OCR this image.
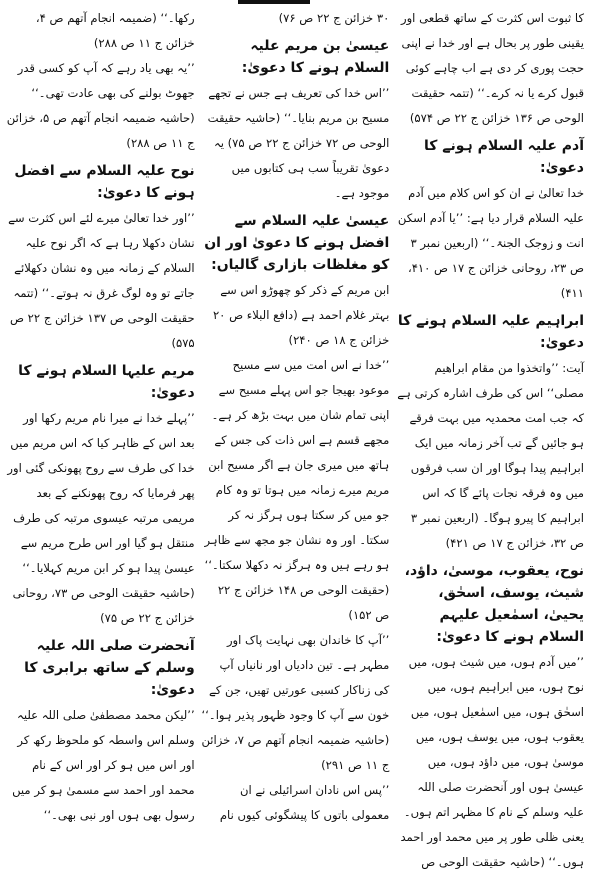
کا ثبوت اس کثرت کے ساتھ قطعی اور یقینی طور پر بحال ہے اور خدا نے اپنی حجت پوری کر دی ہے اب چاہے کوئی قبول کرے یا نہ کرے۔‘‘ (تتمہ حقیقت الوحی ص ۱۳۶ خزائن ج ۲۲ ص ۵۷۴)

آدم علیہ السلام ہونے کا دعویٰ:

خدا تعالیٰ نے ان کو اس کلام میں آدم علیہ السلام قرار دیا ہے: ’’یا آدم اسکن انت و زوجک الجنۃ۔‘‘ (اربعین نمبر ۳ ص ۲۳، روحانی خزائن ج ۱۷ ص ۴۱۰، ۴۱۱)

ابراہیم علیہ السلام ہونے کا دعویٰ:

آیت: ’’واتخذوا من مقام ابراھیم مصلی‘‘ اس کی طرف اشارہ کرتی ہے کہ جب امت محمدیہ میں بہت فرقے ہو جائیں گے تب آخر زمانہ میں ایک ابراہیم پیدا ہوگا اور ان سب فرقوں میں وہ فرقہ نجات پائے گا کہ اس ابراہیم کا پیرو ہوگا۔ (اربعین نمبر ۳ ص ۳۲، خزائن ج ۱۷ ص ۴۲۱)

نوح، یعقوب، موسیٰ، داؤد، شیث، یوسف، اسحٰق، یحییٰ، اسمٰعیل علیہم السلام ہونے کا دعویٰ:

’’میں آدم ہوں، میں شیث ہوں، میں نوح ہوں، میں ابراہیم ہوں، میں اسحٰق ہوں، میں اسمٰعیل ہوں، میں یعقوب ہوں، میں یوسف ہوں، میں موسیٰ ہوں، میں داؤد ہوں، میں عیسیٰ ہوں اور آنحضرت صلی اللہ علیہ وسلم کے نام کا مظہر اتم ہوں۔ یعنی ظلی طور پر میں محمد اور احمد ہوں۔‘‘ (حاشیہ حقیقت الوحی ص

۳۰ خزائن ج ۲۲ ص ۷۶)

عیسیٰ بن مریم علیہ السلام ہونے کا دعویٰ:

’’اس خدا کی تعریف ہے جس نے تجھے مسیح بن مریم بنایا۔‘‘ (حاشیہ حقیقت الوحی ص ۷۲ خزائن ج ۲۲ ص ۷۵) یہ دعویٰ تقریباً سب ہی کتابوں میں موجود ہے۔

عیسیٰ علیہ السلام سے افضل ہونے کا دعویٰ اور ان کو مغلظات بازاری گالیاں:

ابن مریم کے ذکر کو چھوڑو اس سے بہتر غلام احمد ہے (دافع البلاء ص ۲۰ خزائن ج ۱۸ ص ۲۴۰)

’’خدا نے اس امت میں سے مسیح موعود بھیجا جو اس پہلے مسیح سے اپنی تمام شان میں بہت بڑھ کر ہے۔ مجھے قسم ہے اس ذات کی جس کے ہاتھ میں میری جان ہے اگر مسیح ابن مریم میرے زمانہ میں ہوتا تو وہ کام جو میں کر سکتا ہوں ہرگز نہ کر سکتا۔ اور وہ نشان جو مجھ سے ظاہر ہو رہے ہیں وہ ہرگز نہ دکھلا سکتا۔‘‘ (حقیقت الوحی ص ۱۴۸ خزائن ج ۲۲ ص ۱۵۲)

’’آپ کا خاندان بھی نہایت پاک اور مطہر ہے۔ تین دادیاں اور نانیاں آپ کی زناکار کسبی عورتیں تھیں، جن کے خون سے آپ کا وجود ظہور پذیر ہوا۔‘‘ (حاشیہ ضمیمہ انجام آتھم ص ۷، خزائن ج ۱۱ ص ۲۹۱)

’’پس اس نادان اسرائیلی نے ان معمولی باتوں کا پیشگوئی کیوں نام

رکھا۔‘‘ (ضمیمہ انجام آتھم ص ۴، خزائن ج ۱۱ ص ۲۸۸)

’’یہ بھی یاد رہے کہ آپ کو کسی قدر جھوٹ بولنے کی بھی عادت تھی۔‘‘ (حاشیہ ضمیمہ انجام آتھم ص ۵، خزائن ج ۱۱ ص ۲۸۸)

نوح علیہ السلام سے افضل ہونے کا دعویٰ:

’’اور خدا تعالیٰ میرے لئے اس کثرت سے نشان دکھلا رہا ہے کہ اگر نوح علیہ السلام کے زمانہ میں وہ نشان دکھلائے جاتے تو وہ لوگ غرق نہ ہوتے۔‘‘ (تتمہ حقیقت الوحی ص ۱۳۷ خزائن ج ۲۲ ص ۵۷۵)

مریم علیہا السلام ہونے کا دعویٰ:

’’پہلے خدا نے میرا نام مریم رکھا اور بعد اس کے ظاہر کیا کہ اس مریم میں خدا کی طرف سے روح پھونکی گئی اور پھر فرمایا کہ روح پھونکنے کے بعد مریمی مرتبہ عیسوی مرتبہ کی طرف منتقل ہو گیا اور اس طرح مریم سے عیسیٰ پیدا ہو کر ابن مریم کہلایا۔‘‘ (حاشیہ حقیقت الوحی ص ۷۳، روحانی خزائن ج ۲۲ ص ۷۵)

آنحضرت صلی اللہ علیہ وسلم کے ساتھ برابری کا دعویٰ:

’’لیکن محمد مصطفیٰ صلی اللہ علیہ وسلم اس واسطہ کو ملحوظ رکھ کر اور اس میں ہو کر اور اس کے نام محمد اور احمد سے مسمیٰ ہو کر میں رسول بھی ہوں اور نبی بھی۔‘‘
